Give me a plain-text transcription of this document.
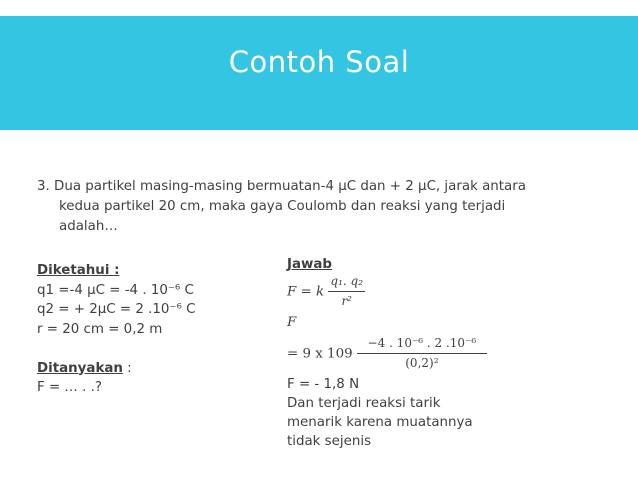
Contoh Soal
3. Dua partikel masing-masing bermuatan-4 µC dan + 2 µC, jarak antara
kedua partikel 20 cm, maka gaya Coulomb dan reaksi yang terjadi
adalah…
Diketahui :
q1 =-4 µC = -4 . 10⁻⁶ C
q2 = + 2µC = 2 .10⁻⁶ C
r = 20 cm = 0,2 m
Ditanyakan :
F = … . .?
Jawab
F = k $\frac{\text{q₁. q₂}}{\text{r²}}$
F
= 9 x $109 \frac{\text{−4 . 10⁻⁶ . 2 .10⁻⁶}}{\text{(0,2)²}}$
F = - 1,8 N
Dan terjadi reaksi tarik
menarik karena muatannya
tidak sejenis
